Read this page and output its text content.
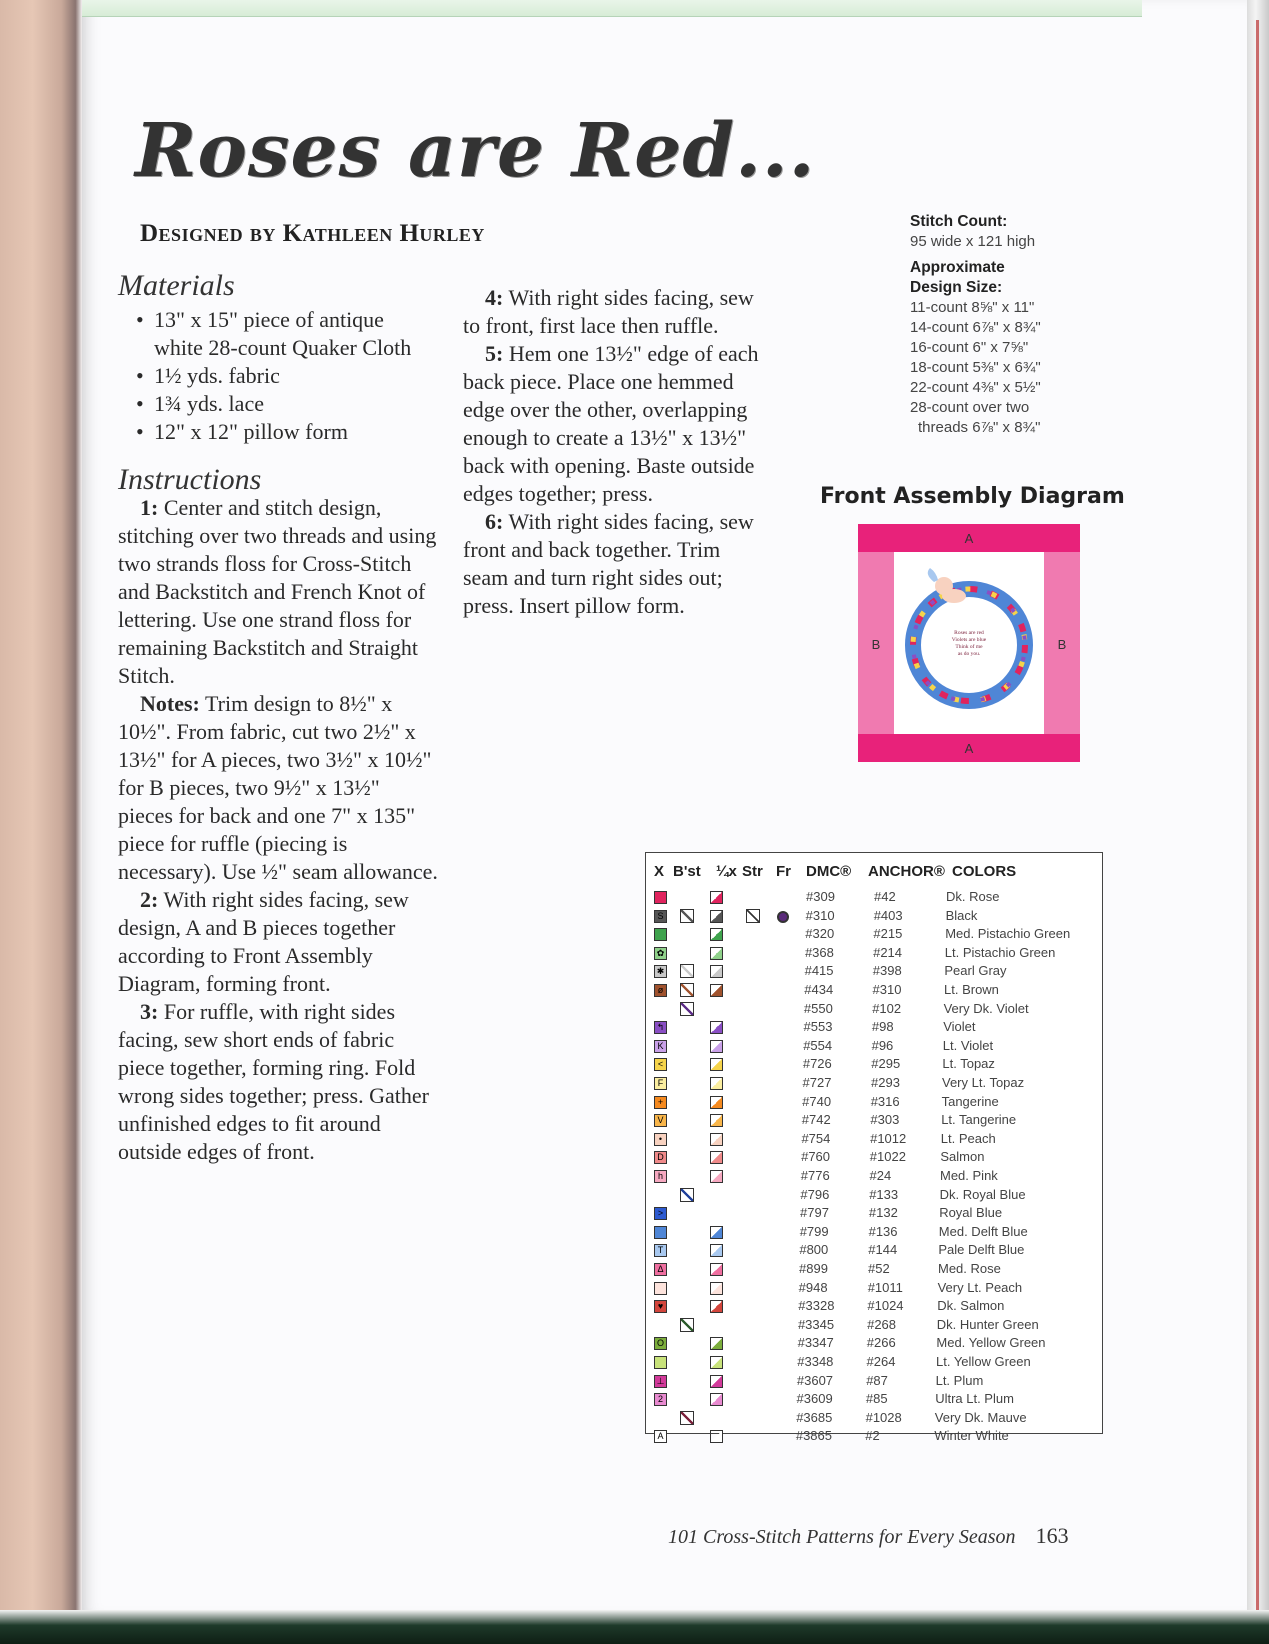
Roses are Red...
Designed by Kathleen Hurley

Materials

• 13" x 15" piece of antique white 28-count Quaker Cloth
• 1½ yds. fabric
• 1¾ yds. lace
• 12" x 12" pillow form

Instructions

1: Center and stitch design, stitching over two threads and using two strands floss for Cross-Stitch and Backstitch and French Knot of lettering. Use one strand floss for remaining Backstitch and Straight Stitch.

Notes: Trim design to 8½" x 10½". From fabric, cut two 2½" x 13½" for A pieces, two 3½" x 10½" for B pieces, two 9½" x 13½" pieces for back and one 7" x 135" piece for ruffle (piecing is necessary). Use ½" seam allowance.

2: With right sides facing, sew design, A and B pieces together according to Front Assembly Diagram, forming front.

3: For ruffle, with right sides facing, sew short ends of fabric piece together, forming ring. Fold wrong sides together; press. Gather unfinished edges to fit around outside edges of front.

4: With right sides facing, sew to front, first lace then ruffle.

5: Hem one 13½" edge of each back piece. Place one hemmed edge over the other, overlapping enough to create a 13½" x 13½" back with opening. Baste outside edges together; press.

6: With right sides facing, sew front and back together. Trim seam and turn right sides out; press. Insert pillow form.

Stitch Count:
95 wide x 121 high
Approximate
Design Size:
11-count 8⅝" x 11"
14-count 6⅞" x 8¾"
16-count 6" x 7⅝"
18-count 5⅜" x 6¾"
22-count 4⅜" x 5½"
28-count over two
threads 6⅞" x 8¾"
Front Assembly Diagram
Roses are red
Violets are blue
Think of me
as do you.
A
A
B	B
X B'st ¼x Str Fr DMC® ANCHOR® COLORS
#309	#42	Dk. Rose
S	#310	#403	Black
#320	#215	Med. Pistachio Green
✿	#368	#214	Lt. Pistachio Green
✱	#415	#398	Pearl Gray
ø	#434	#310	Lt. Brown
#550	#102	Very Dk. Violet
↰	#553	#98	Violet
K	#554	#96	Lt. Violet
<	#726	#295	Lt. Topaz
F	#727	#293	Very Lt. Topaz
+	#740	#316	Tangerine
V	#742	#303	Lt. Tangerine
•	#754	#1012	Lt. Peach
D	#760	#1022	Salmon
h	#776	#24	Med. Pink
#796	#133	Dk. Royal Blue
>	#797	#132	Royal Blue
#799	#136	Med. Delft Blue
T	#800	#144	Pale Delft Blue
Δ	#899	#52	Med. Rose
#948	#1011	Very Lt. Peach
♥	#3328	#1024	Dk. Salmon
#3345	#268	Dk. Hunter Green
O	#3347	#266	Med. Yellow Green
#3348	#264	Lt. Yellow Green
⊥	#3607	#87	Lt. Plum
2	#3609	#85	Ultra Lt. Plum
#3685	#1028	Very Dk. Mauve
A	#3865	#2	Winter White
101 Cross-Stitch Patterns for Every Season 163
